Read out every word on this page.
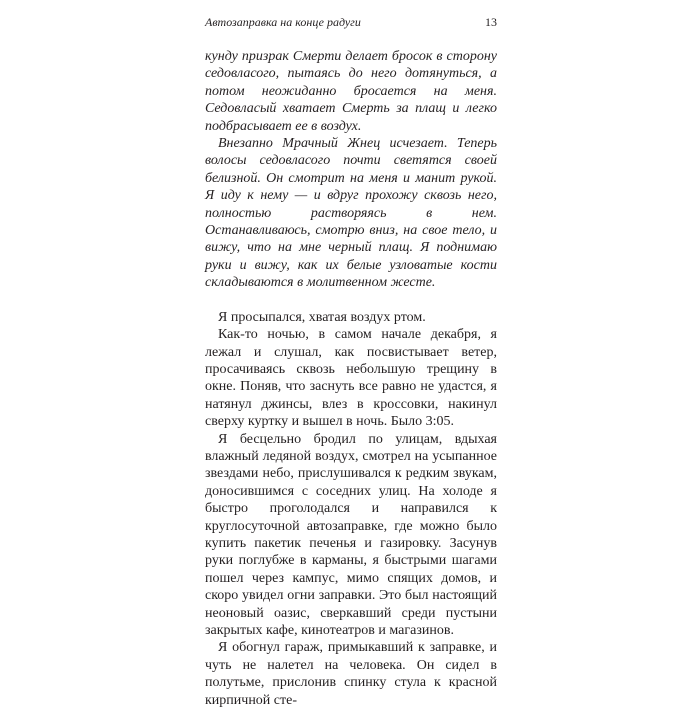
Автозаправка на конце радуги	13

кунду призрак Смерти делает бросок в сторону седовласого, пытаясь до него дотянуться, а потом неожиданно бросается на меня. Седовласый хватает Смерть за плащ и легко подбрасывает ее в воздух.

Внезапно Мрачный Жнец исчезает. Теперь волосы седовласого почти светятся своей белизной. Он смотрит на меня и манит рукой. Я иду к нему — и вдруг прохожу сквозь него, полностью растворяясь в нем. Останавливаюсь, смотрю вниз, на свое тело, и вижу, что на мне черный плащ. Я поднимаю руки и вижу, как их белые узловатые кости складываются в молитвенном жесте.

Я просыпался, хватая воздух ртом.

Как-то ночью, в самом начале декабря, я лежал и слушал, как посвистывает ветер, просачиваясь сквозь небольшую трещину в окне. Поняв, что заснуть все равно не удастся, я натянул джинсы, влез в кроссовки, накинул сверху куртку и вышел в ночь. Было 3:05.

Я бесцельно бродил по улицам, вдыхая влажный ледяной воздух, смотрел на усыпанное звездами небо, прислушивался к редким звукам, доносившимся с соседних улиц. На холоде я быстро проголодался и направился к круглосуточной автозаправке, где можно было купить пакетик печенья и газировку. Засунув руки поглубже в карманы, я быстрыми шагами пошел через кампус, мимо спящих домов, и скоро увидел огни заправки. Это был настоящий неоновый оазис, сверкавший среди пустыни закрытых кафе, кинотеатров и магазинов.

Я обогнул гараж, примыкавший к заправке, и чуть не налетел на человека. Он сидел в полутьме, прислонив спинку стула к красной кирпичной сте-
